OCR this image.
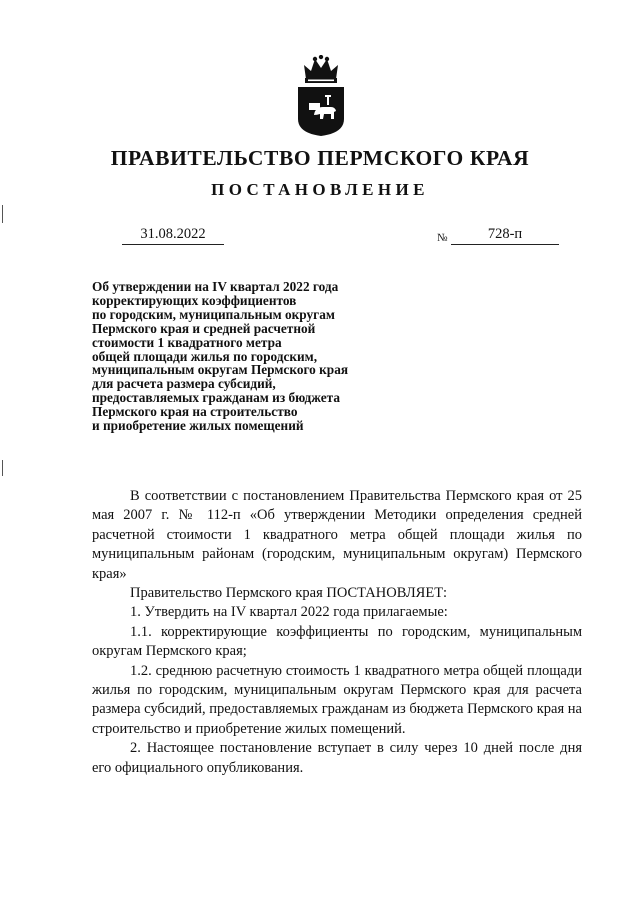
ПРАВИТЕЛЬСТВО ПЕРМСКОГО КРАЯ
ПОСТАНОВЛЕНИЕ
31.08.2022	№	728-п
Об утверждении на IV квартал 2022 года
корректирующих коэффициентов
по городским, муниципальным округам
Пермского края и средней расчетной
стоимости 1 квадратного метра
общей площади жилья по городским,
муниципальным округам Пермского края
для расчета размера субсидий,
предоставляемых гражданам из бюджета
Пермского края на строительство
и приобретение жилых помещений

В соответствии с постановлением Правительства Пермского края от 25 мая 2007 г. № 112-п «Об утверждении Методики определения средней расчетной стоимости 1 квадратного метра общей площади жилья по муниципальным районам (городским, муниципальным округам) Пермского края»

Правительство Пермского края ПОСТАНОВЛЯЕТ:

1. Утвердить на IV квартал 2022 года прилагаемые:

1.1. корректирующие коэффициенты по городским, муниципальным округам Пермского края;

1.2. среднюю расчетную стоимость 1 квадратного метра общей площади жилья по городским, муниципальным округам Пермского края для расчета размера субсидий, предоставляемых гражданам из бюджета Пермского края на строительство и приобретение жилых помещений.

2. Настоящее постановление вступает в силу через 10 дней после дня его официального опубликования.
